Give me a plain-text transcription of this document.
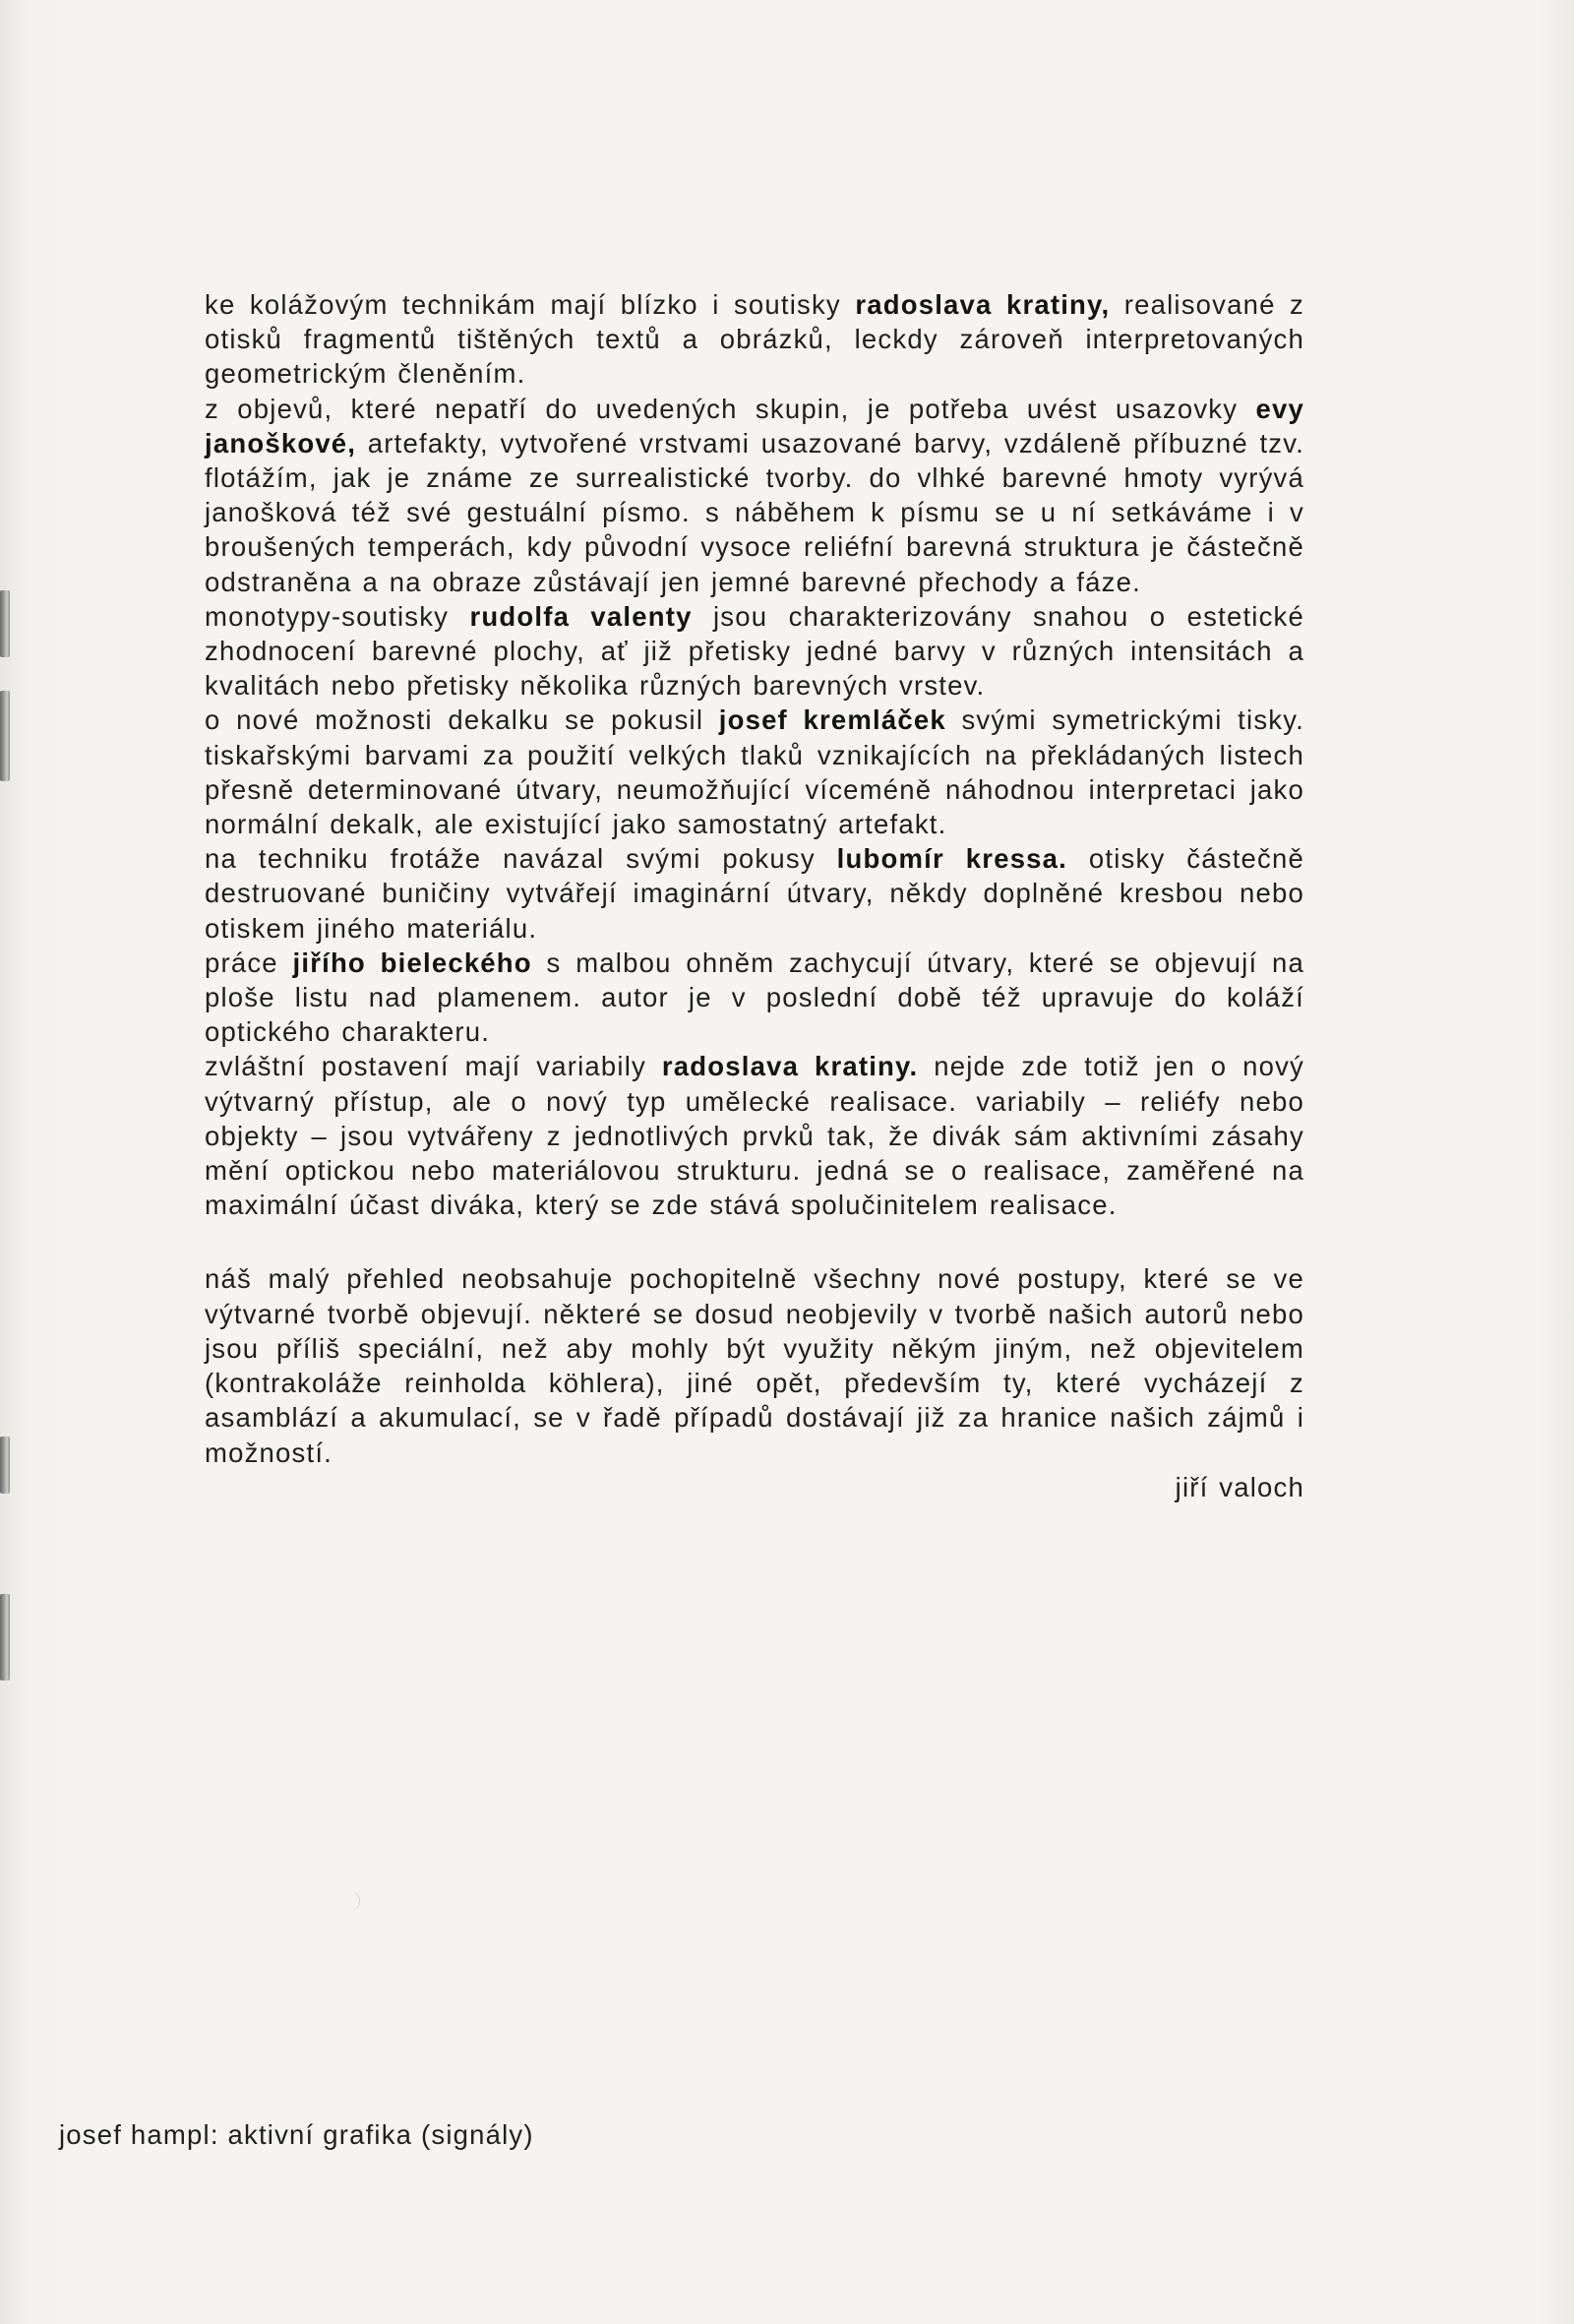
ke kolážovým technikám mají blízko i soutisky radoslava kratiny, realisované z otisků fragmentů tištěných textů a obrázků, leckdy zároveň interpretovaných geometrickým členěním.

z objevů, které nepatří do uvedených skupin, je potřeba uvést usazovky evy janoškové, artefakty, vytvořené vrstvami usazované barvy, vzdáleně příbuzné tzv. flotážím, jak je známe ze surrealistické tvorby. do vlhké barevné hmoty vyrývá janošková též své gestuální písmo. s náběhem k písmu se u ní setkáváme i v broušených temperách, kdy původní vysoce reliéfní barevná struktura je částečně odstraněna a na obraze zůstávají jen jemné barevné přechody a fáze.

monotypy-soutisky rudolfa valenty jsou charakterizovány snahou o estetické zhodnocení barevné plochy, ať již přetisky jedné barvy v různých intensitách a kvalitách nebo přetisky několika různých barevných vrstev.

o nové možnosti dekalku se pokusil josef kremláček svými symetrickými tisky. tiskařskými barvami za použití velkých tlaků vznikajících na překládaných listech přesně determinované útvary, neumožňující víceméně náhodnou interpretaci jako normální dekalk, ale existující jako samostatný artefakt.

na techniku frotáže navázal svými pokusy lubomír kressa. otisky částečně destruované buničiny vytvářejí imaginární útvary, někdy doplněné kresbou nebo otiskem jiného materiálu.

práce jiřího bieleckého s malbou ohněm zachycují útvary, které se objevují na ploše listu nad plamenem. autor je v poslední době též upravuje do koláží optického charakteru.

zvláštní postavení mají variabily radoslava kratiny. nejde zde totiž jen o nový výtvarný přístup, ale o nový typ umělecké realisace. variabily – reliéfy nebo objekty – jsou vytvářeny z jednotlivých prvků tak, že divák sám aktivními zásahy mění optickou nebo materiálovou strukturu. jedná se o realisace, zaměřené na maximální účast diváka, který se zde stává spolučinitelem realisace.

náš malý přehled neobsahuje pochopitelně všechny nové postupy, které se ve výtvarné tvorbě objevují. některé se dosud neobjevily v tvorbě našich autorů nebo jsou příliš speciální, než aby mohly být využity někým jiným, než objevitelem (kontrakoláže reinholda köhlera), jiné opět, především ty, které vycházejí z asamblází a akumulací, se v řadě případů dostávají již za hranice našich zájmů i možností.

jiří valoch

josef hampl: aktivní grafika (signály)
